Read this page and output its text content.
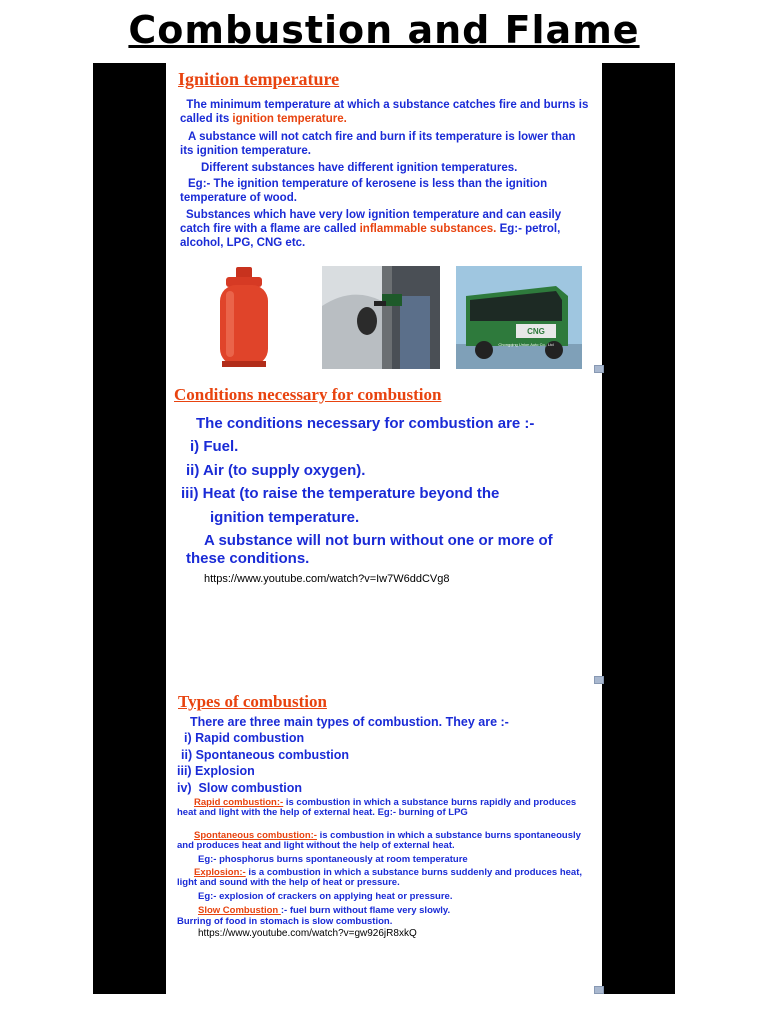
Combustion and Flame
Ignition temperature
The minimum temperature at which a substance catches fire and burns is called its ignition temperature.
A substance will not catch fire and burn if its temperature is lower than its ignition temperature.
Different substances have different ignition temperatures.
Eg:- The ignition temperature of kerosene is less than the ignition temperature of wood.
Substances which have very low ignition temperature and can easily catch fire with a flame are called inflammable substances. Eg:- petrol, alcohol, LPG, CNG etc.
CNG
Chongqing Union Auto Co., Ltd
Conditions necessary for combustion
The conditions necessary for combustion are :-
i) Fuel.
ii) Air (to supply oxygen).
iii) Heat (to raise the temperature beyond the
ignition temperature.
A substance will not burn without one or more of these conditions.
https://www.youtube.com/watch?v=Iw7W6ddCVg8
Types of combustion
There are three main types of combustion. They are :-
i) Rapid combustion
ii) Spontaneous combustion
iii) Explosion
iv)  Slow combustion
Rapid combustion:- is combustion in which a substance burns rapidly and produces heat and light with the help of external heat. Eg:- burning of LPG
Spontaneous combustion:- is combustion in which a substance burns spontaneously and produces heat and light without the help of external heat.
Eg:- phosphorus burns spontaneously at room temperature
Explosion:- is a combustion in which a substance burns suddenly and produces heat, light and sound with the help of heat or pressure.
Eg:- explosion of crackers on applying heat or pressure.
Slow Combustion :- fuel burn without flame very slowly.
Burring of food in stomach is slow combustion.
https://www.youtube.com/watch?v=gw926jR8xkQ
